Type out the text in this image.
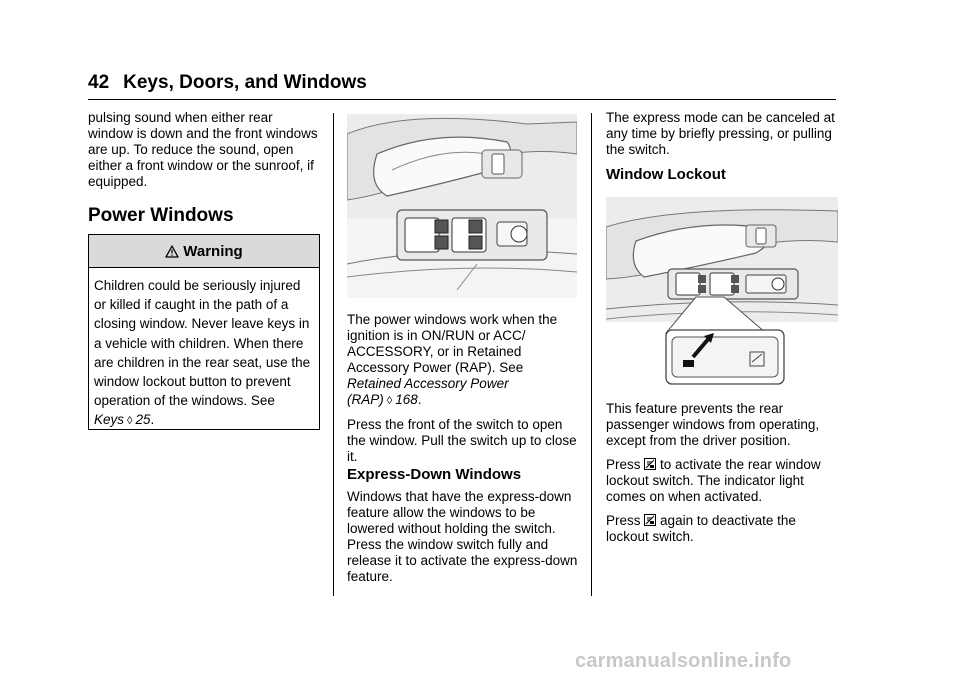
42 Keys, Doors, and Windows

pulsing sound when either rear window is down and the front windows are up. To reduce the sound, open either a front window or the sunroof, if equipped.

Power Windows
Warning
Children could be seriously injured or killed if caught in the path of a closing window. Never leave keys in a vehicle with children. When there are children in the rear seat, use the window lockout button to prevent operation of the windows. See
Keys ◊ 25.

The power windows work when the ignition is in ON/RUN or ACC/ ACCESSORY, or in Retained Accessory Power (RAP). See
Retained Accessory Power (RAP) ◊ 168.

Press the front of the switch to open the window. Pull the switch up to close it.

Express-Down Windows

Windows that have the express-down feature allow the windows to be lowered without holding the switch. Press the window switch fully and release it to activate the express-down feature.

The express mode can be canceled at any time by briefly pressing, or pulling the switch.

Window Lockout

This feature prevents the rear passenger windows from operating, except from the driver position.

Press to activate the rear window lockout switch. The indicator light comes on when activated.

Press again to deactivate the lockout switch.

carmanualsonline.info
